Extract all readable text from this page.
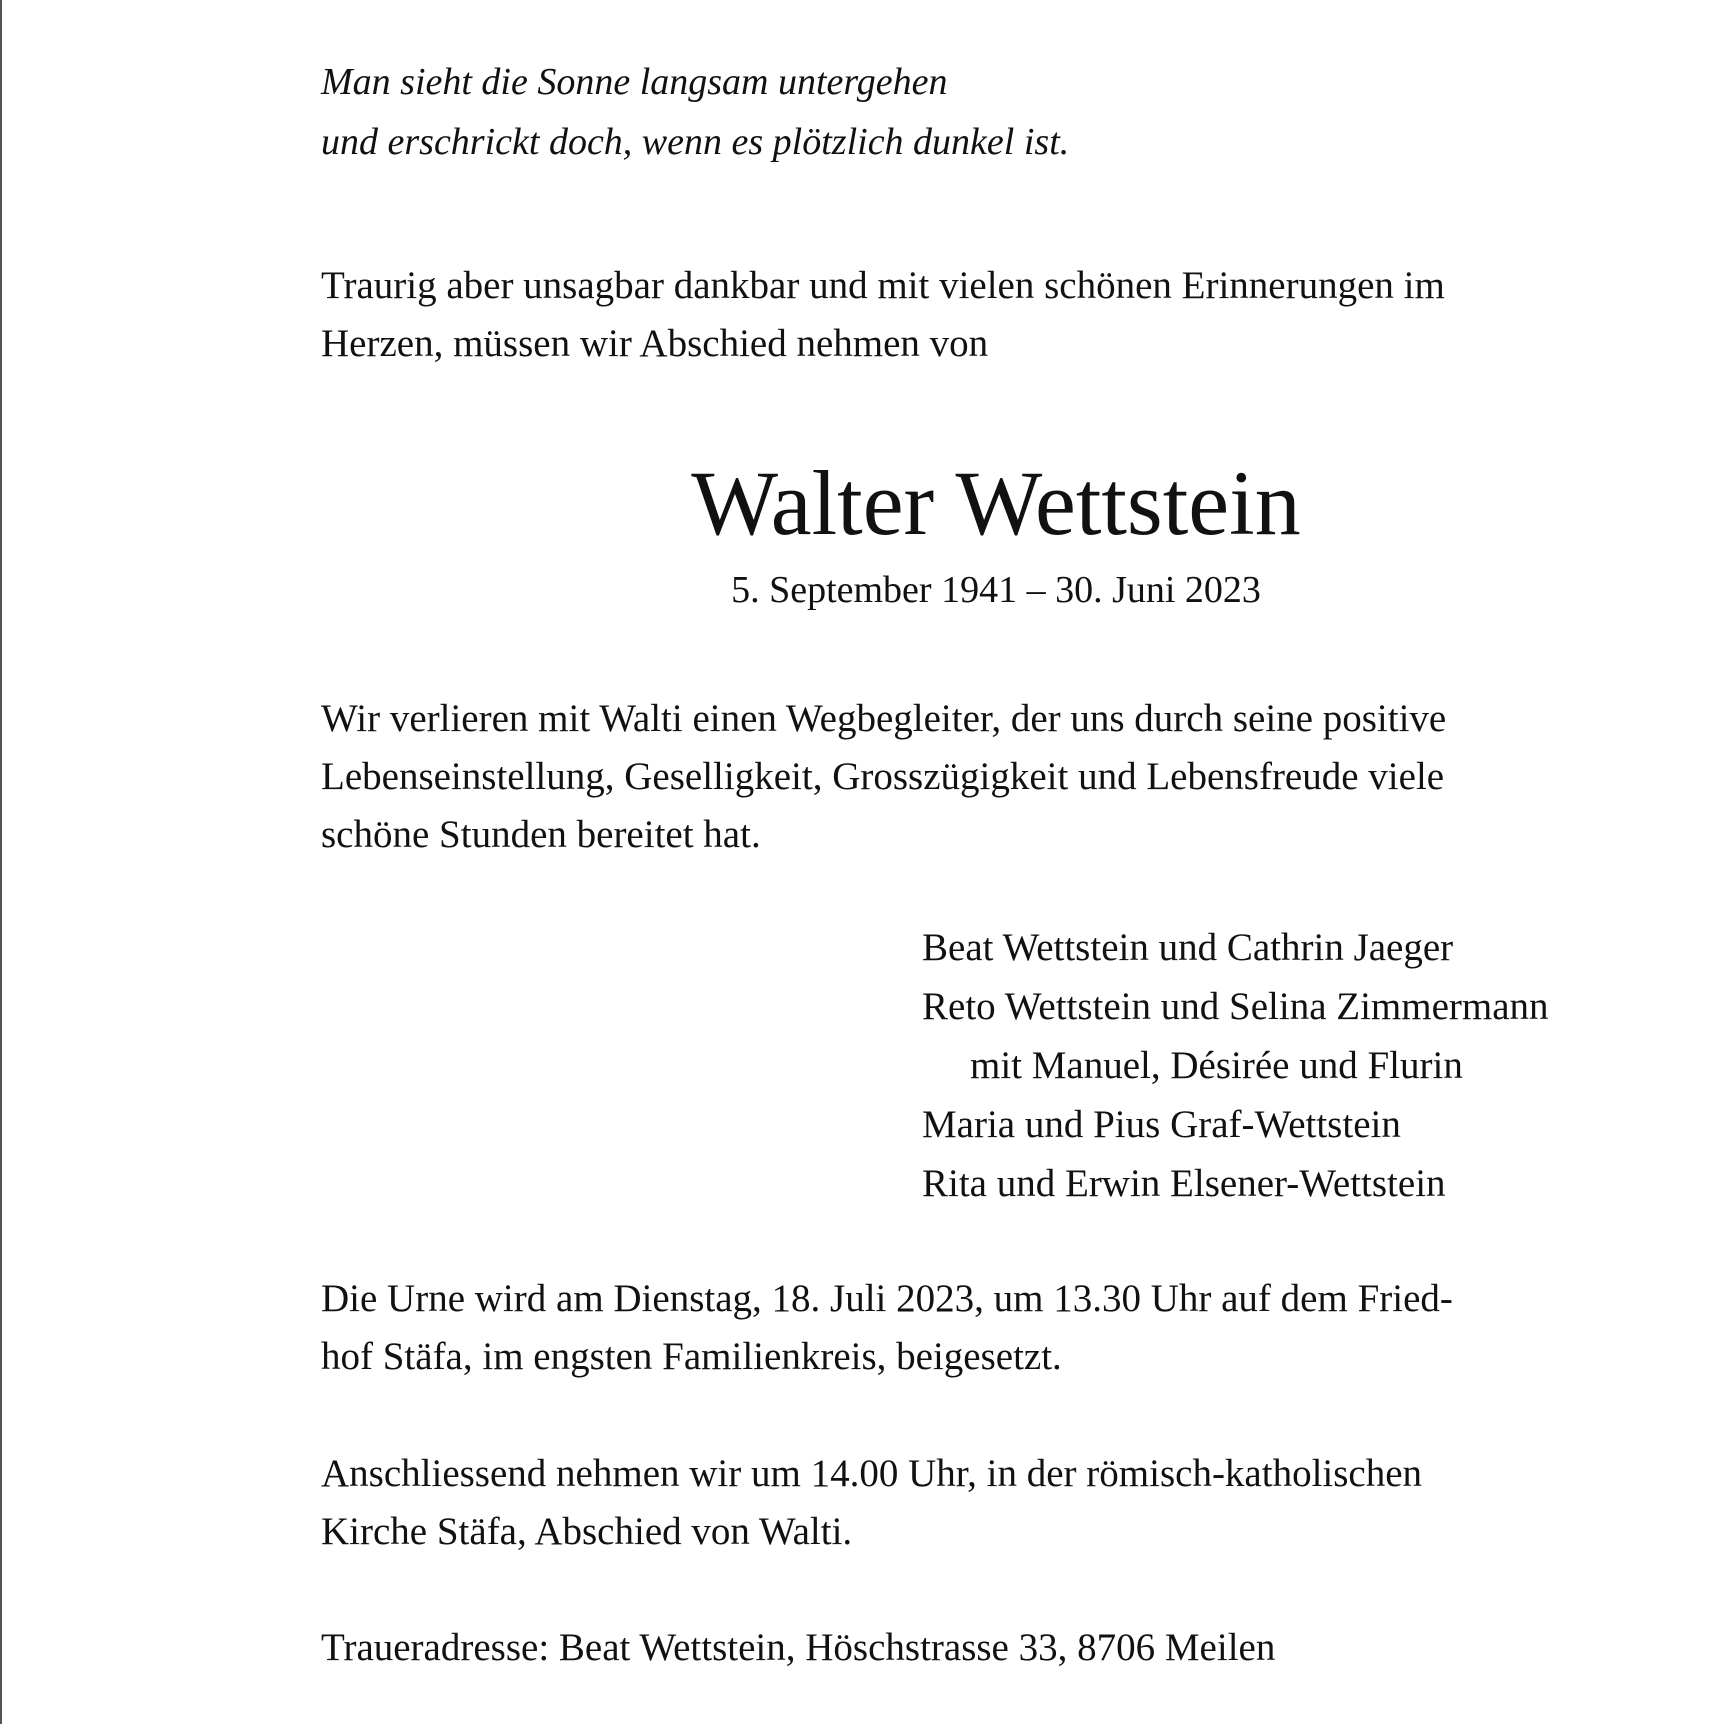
Man sieht die Sonne langsam untergehen
und erschrickt doch, wenn es plötzlich dunkel ist.
Traurig aber unsagbar dankbar und mit vielen schönen Erinnerungen im
Herzen, müssen wir Abschied nehmen von
Walter Wettstein
5. September 1941 – 30. Juni 2023
Wir verlieren mit Walti einen Wegbegleiter, der uns durch seine positive
Lebenseinstellung, Geselligkeit, Grosszügigkeit und Lebensfreude viele
schöne Stunden bereitet hat.
Beat Wettstein und Cathrin Jaeger
Reto Wettstein und Selina Zimmermann
mit Manuel, Désirée und Flurin
Maria und Pius Graf-Wettstein
Rita und Erwin Elsener-Wettstein
Die Urne wird am Dienstag, 18. Juli 2023, um 13.30 Uhr auf dem Fried-
hof Stäfa, im engsten Familienkreis, beigesetzt.
Anschliessend nehmen wir um 14.00 Uhr, in der römisch-katholischen
Kirche Stäfa, Abschied von Walti.
Traueradresse: Beat Wettstein, Höschstrasse 33, 8706 Meilen
